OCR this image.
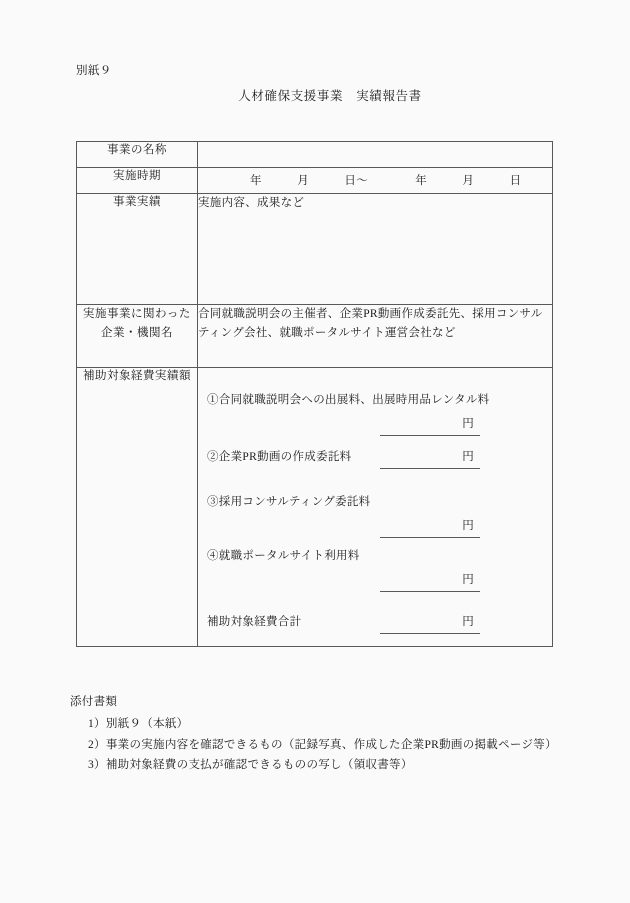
別紙９
人材確保支援事業　実績報告書
事業の名称	
実施時期	年　　　月　　　日〜　　　　年　　　月　　　日

事業実績	実施内容、成果など

実施事業に関わった
企業・機関名	合同就職説明会の主催者、企業PR動画作成委託先、採用コンサルティング会社、就職ポータルサイト運営会社など
補助対象経費実績額	
①合同就職説明会への出展料、出展時用品レンタル料
円
②企業PR動画の作成委託料	円
③採用コンサルティング委託料
円
④就職ポータルサイト利用料
円
補助対象経費合計	円

添付書類

1）別紙９（本紙）
2）事業の実施内容を確認できるもの（記録写真、作成した企業PR動画の掲載ページ等）
3）補助対象経費の支払が確認できるものの写し（領収書等）
